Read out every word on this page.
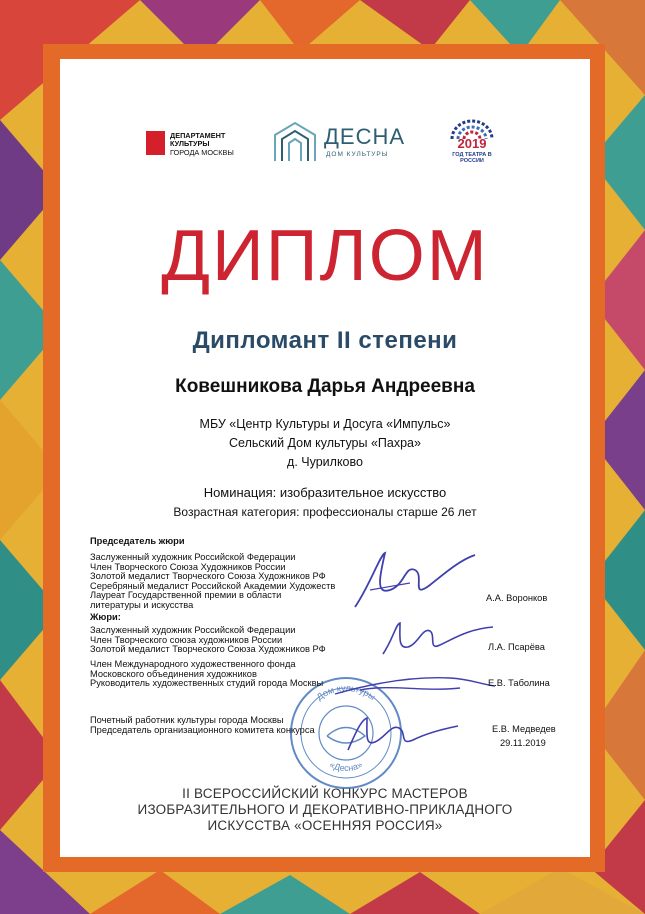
ДЕПАРТАМЕНТ
КУЛЬТУРЫ
ГОРОДА МОСКВЫ
ДЕСНА
ДОМ КУЛЬТУРЫ
2019
ГОД ТЕАТРА В РОССИИ
ДИПЛОМ
Дипломант II степени
Ковешникова Дарья Андреевна
МБУ «Центр Культуры и Досуга «Импульс»
Сельский Дом культуры «Пахра»
д. Чурилково
Номинация: изобразительное искусство
Возрастная категория: профессионалы старше 26 лет
Дом культуры
«Десна»
Председатель жюри
Заслуженный художник Российской Федерации
Член Творческого Союза Художников России
Золотой медалист Творческого Союза Художников РФ
Серебряный медалист Российской Академии Художеств
Лауреат Государственной премии в области
литературы и искусства
А.А. Воронков
Жюри:
Заслуженный художник Российской Федерации
Член Творческого союза художников России
Золотой медалист Творческого Союза Художников РФ	Л.А. Псарёва
Член Международного художественного фонда
Московского объединения художников
Руководитель художественных студий города Москвы	Е.В. Таболина
Почетный работник культуры города Москвы
Председатель организационного комитета конкурса	Е.В. Медведев
29.11.2019
II ВСЕРОССИЙСКИЙ КОНКУРС МАСТЕРОВ
ИЗОБРАЗИТЕЛЬНОГО И ДЕКОРАТИВНО-ПРИКЛАДНОГО
ИСКУССТВА «ОСЕННЯЯ РОССИЯ»
